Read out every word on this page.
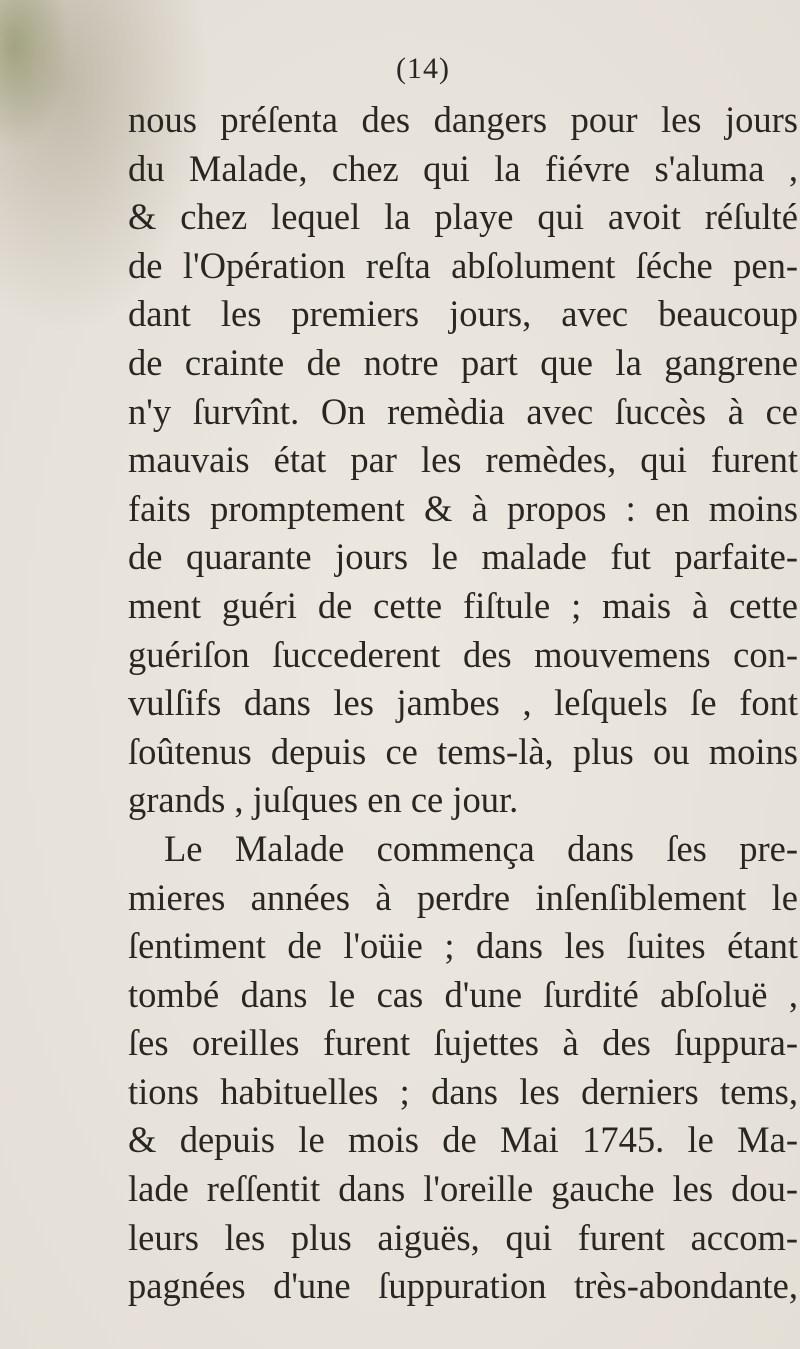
(14)
nous préſenta des dangers pour les jours
du Malade, chez qui la fiévre s'aluma ,
& chez lequel la playe qui avoit réſulté
de l'Opération reſta abſolument ſéche pen-
dant les premiers jours, avec beaucoup
de crainte de notre part que la gangrene
n'y ſurvînt. On remèdia avec ſuccès à ce
mauvais état par les remèdes, qui furent
faits promptement & à propos : en moins
de quarante jours le malade fut parfaite-
ment guéri de cette fiſtule ; mais à cette
guériſon ſuccederent des mouvemens con-
vulſifs dans les jambes , leſquels ſe font
ſoûtenus depuis ce tems-là, plus ou moins
grands , juſques en ce jour.
Le Malade commença dans ſes pre-
mieres années à perdre inſenſiblement le
ſentiment de l'oüie ; dans les ſuites étant
tombé dans le cas d'une ſurdité abſoluë ,
ſes oreilles furent ſujettes à des ſuppura-
tions habituelles ; dans les derniers tems,
& depuis le mois de Mai 1745. le Ma-
lade reſſentit dans l'oreille gauche les dou-
leurs les plus aiguës, qui furent accom-
pagnées d'une ſuppuration très-abondante,
